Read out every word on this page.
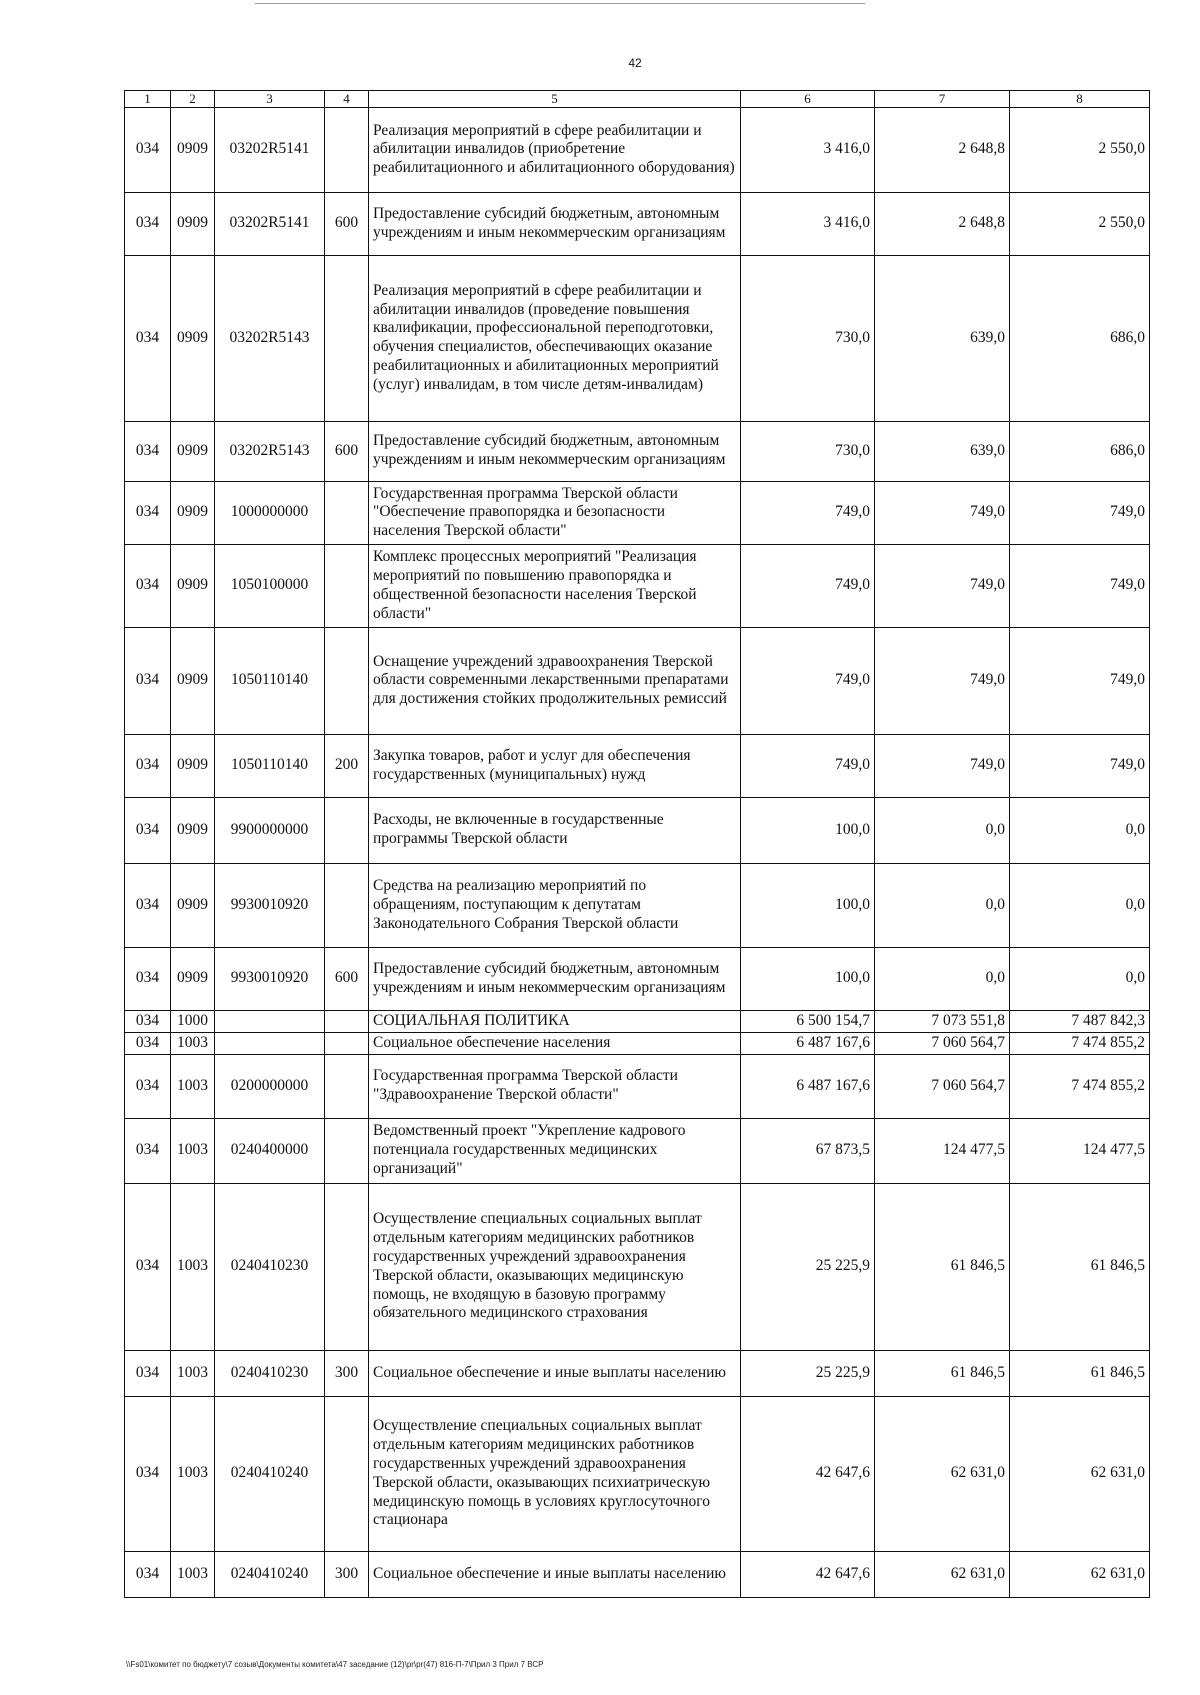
42
1	2	3	4	5	6	7	8
034	0909	03202R5141		Реализация мероприятий в сфере реабилитации и абилитации инвалидов (приобретение реабилитационного и абилитационного оборудования)	3 416,0	2 648,8	2 550,0
034	0909	03202R5141	600	Предоставление субсидий бюджетным, автономным учреждениям и иным некоммерческим организациям	3 416,0	2 648,8	2 550,0
034	0909	03202R5143		Реализация мероприятий в сфере реабилитации и абилитации инвалидов (проведение повышения квалификации, профессиональной переподготовки, обучения специалистов, обеспечивающих оказание реабилитационных и абилитационных мероприятий (услуг) инвалидам, в том числе детям-инвалидам)	730,0	639,0	686,0
034	0909	03202R5143	600	Предоставление субсидий бюджетным, автономным учреждениям и иным некоммерческим организациям	730,0	639,0	686,0
034	0909	1000000000		Государственная программа Тверской области "Обеспечение правопорядка и безопасности населения Тверской области"	749,0	749,0	749,0
034	0909	1050100000		Комплекс процессных мероприятий "Реализация мероприятий по повышению правопорядка и общественной безопасности населения Тверской области"	749,0	749,0	749,0
034	0909	1050110140		Оснащение учреждений здравоохранения Тверской области современными лекарственными препаратами для достижения стойких продолжительных ремиссий	749,0	749,0	749,0
034	0909	1050110140	200	Закупка товаров, работ и услуг для обеспечения государственных (муниципальных) нужд	749,0	749,0	749,0
034	0909	9900000000		Расходы, не включенные в государственные программы Тверской области	100,0	0,0	0,0
034	0909	9930010920		Средства на реализацию мероприятий по обращениям, поступающим к депутатам Законодательного Собрания Тверской области	100,0	0,0	0,0
034	0909	9930010920	600	Предоставление субсидий бюджетным, автономным учреждениям и иным некоммерческим организациям	100,0	0,0	0,0
034	1000			СОЦИАЛЬНАЯ ПОЛИТИКА	6 500 154,7	7 073 551,8	7 487 842,3
034	1003			Социальное обеспечение населения	6 487 167,6	7 060 564,7	7 474 855,2
034	1003	0200000000		Государственная программа Тверской области "Здравоохранение Тверской области"	6 487 167,6	7 060 564,7	7 474 855,2
034	1003	0240400000		Ведомственный проект "Укрепление кадрового потенциала государственных медицинских организаций"	67 873,5	124 477,5	124 477,5
034	1003	0240410230		Осуществление специальных социальных выплат отдельным категориям медицинских работников государственных учреждений здравоохранения Тверской области, оказывающих медицинскую помощь, не входящую в базовую программу обязательного медицинского страхования	25 225,9	61 846,5	61 846,5
034	1003	0240410230	300	Социальное обеспечение и иные выплаты населению	25 225,9	61 846,5	61 846,5
034	1003	0240410240		Осуществление специальных социальных выплат отдельным категориям медицинских работников государственных учреждений здравоохранения Тверской области, оказывающих психиатрическую медицинскую помощь в условиях круглосуточного стационара	42 647,6	62 631,0	62 631,0
034	1003	0240410240	300	Социальное обеспечение и иные выплаты населению	42 647,6	62 631,0	62 631,0
\\Fs01\комитет по бюджету\7 созыв\Документы комитета\47 заседание (12)\pr\pr(47) 816-П-7\Прил 3 Прил 7 ВСР
